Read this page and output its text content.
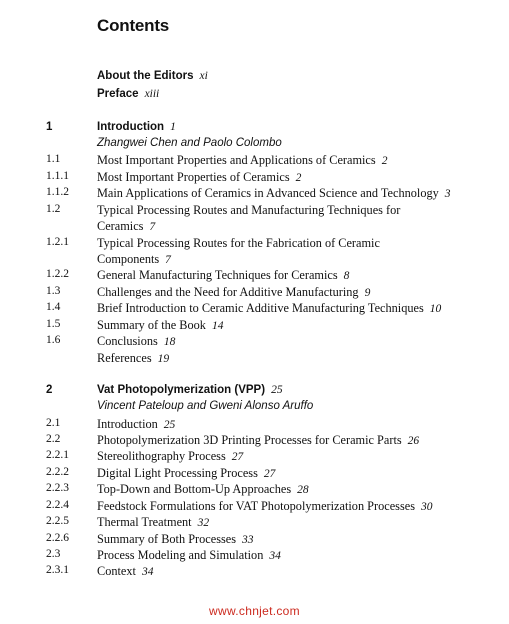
Contents
About the Editors xi
Preface xiii
1	Introduction 1
Zhangwei Chen and Paolo Colombo
1.1	Most Important Properties and Applications of Ceramics 2
1.1.1 Most Important Properties of Ceramics 2
1.1.2 Main Applications of Ceramics in Advanced Science and Technology 3
1.2	Typical Processing Routes and Manufacturing Techniques for
Ceramics 7
1.2.1 Typical Processing Routes for the Fabrication of Ceramic
Components 7
1.2.2 General Manufacturing Techniques for Ceramics 8
1.3	Challenges and the Need for Additive Manufacturing 9
1.4	Brief Introduction to Ceramic Additive Manufacturing Techniques 10
1.5	Summary of the Book 14
1.6	Conclusions 18
References 19
2	Vat Photopolymerization (VPP) 25
Vincent Pateloup and Gweni Alonso Aruffo
2.1	Introduction 25
2.2	Photopolymerization 3D Printing Processes for Ceramic Parts 26
2.2.1 Stereolithography Process 27
2.2.2 Digital Light Processing Process 27
2.2.3 Top-Down and Bottom-Up Approaches 28
2.2.4 Feedstock Formulations for VAT Photopolymerization Processes 30
2.2.5 Thermal Treatment 32
2.2.6 Summary of Both Processes 33
2.3	Process Modeling and Simulation 34
2.3.1 Context 34
www.chnjet.com
